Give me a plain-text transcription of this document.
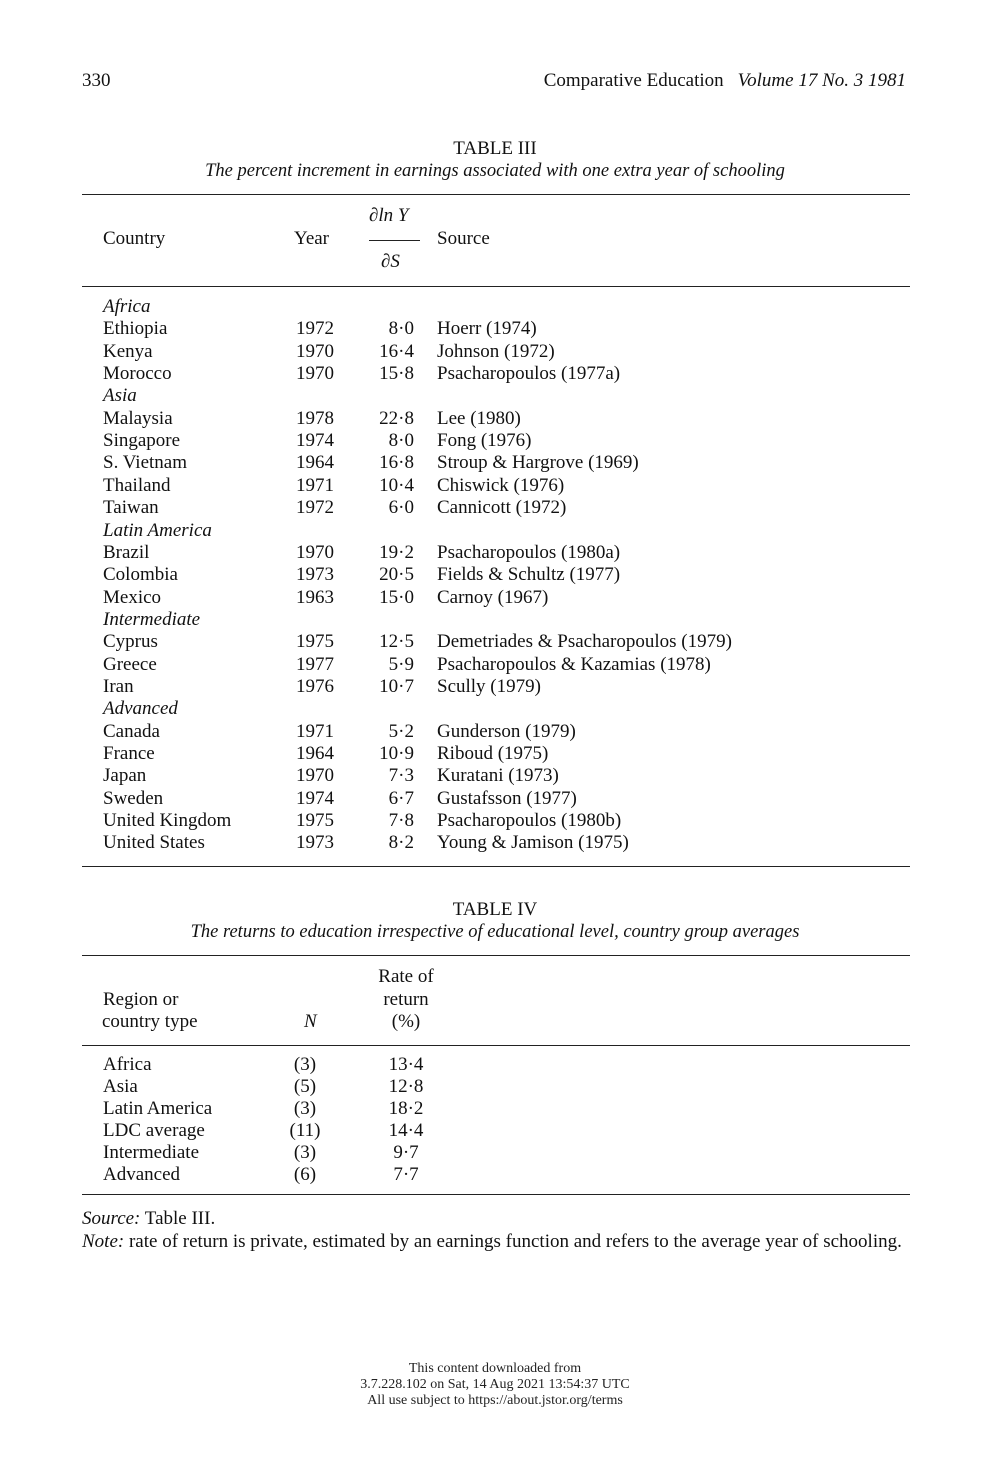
330	Comparative Education Volume 17 No. 3 1981
TABLE III
The percent increment in earnings associated with one extra year of schooling
Country	Year
∂ln Y
∂S
Source
Africa
Ethiopia	1972	8·0 Hoerr (1974)
Kenya	1970	16·4 Johnson (1972)
Morocco	1970	15·8 Psacharopoulos (1977a)
Asia
Malaysia	1978	22·8 Lee (1980)
Singapore	1974	8·0 Fong (1976)
S. Vietnam	1964	16·8 Stroup & Hargrove (1969)
Thailand	1971	10·4 Chiswick (1976)
Taiwan	1972	6·0 Cannicott (1972)
Latin America
Brazil	1970	19·2 Psacharopoulos (1980a)
Colombia	1973	20·5 Fields & Schultz (1977)
Mexico	1963	15·0 Carnoy (1967)
Intermediate
Cyprus	1975	12·5 Demetriades & Psacharopoulos (1979)
Greece	1977	5·9 Psacharopoulos & Kazamias (1978)
Iran	1976	10·7 Scully (1979)
Advanced
Canada	1971	5·2 Gunderson (1979)
France	1964	10·9 Riboud (1975)
Japan	1970	7·3 Kuratani (1973)
Sweden	1974	6·7 Gustafsson (1977)
United Kingdom	1975	7·8 Psacharopoulos (1980b)
United States	1973	8·2 Young & Jamison (1975)
TABLE IV
The returns to education irrespective of educational level, country group averages
Region or
country type	N
Rate of
return
(%)
Africa	(3)	13·4
Asia	(5)	12·8
Latin America	(3)	18·2
LDC average	(11)	14·4
Intermediate	(3)	9·7
Advanced	(6)	7·7
Source: Table III.
Note: rate of return is private, estimated by an earnings function and refers to the average year of schooling.
This content downloaded from
3.7.228.102 on Sat, 14 Aug 2021 13:54:37 UTC
All use subject to https://about.jstor.org/terms
